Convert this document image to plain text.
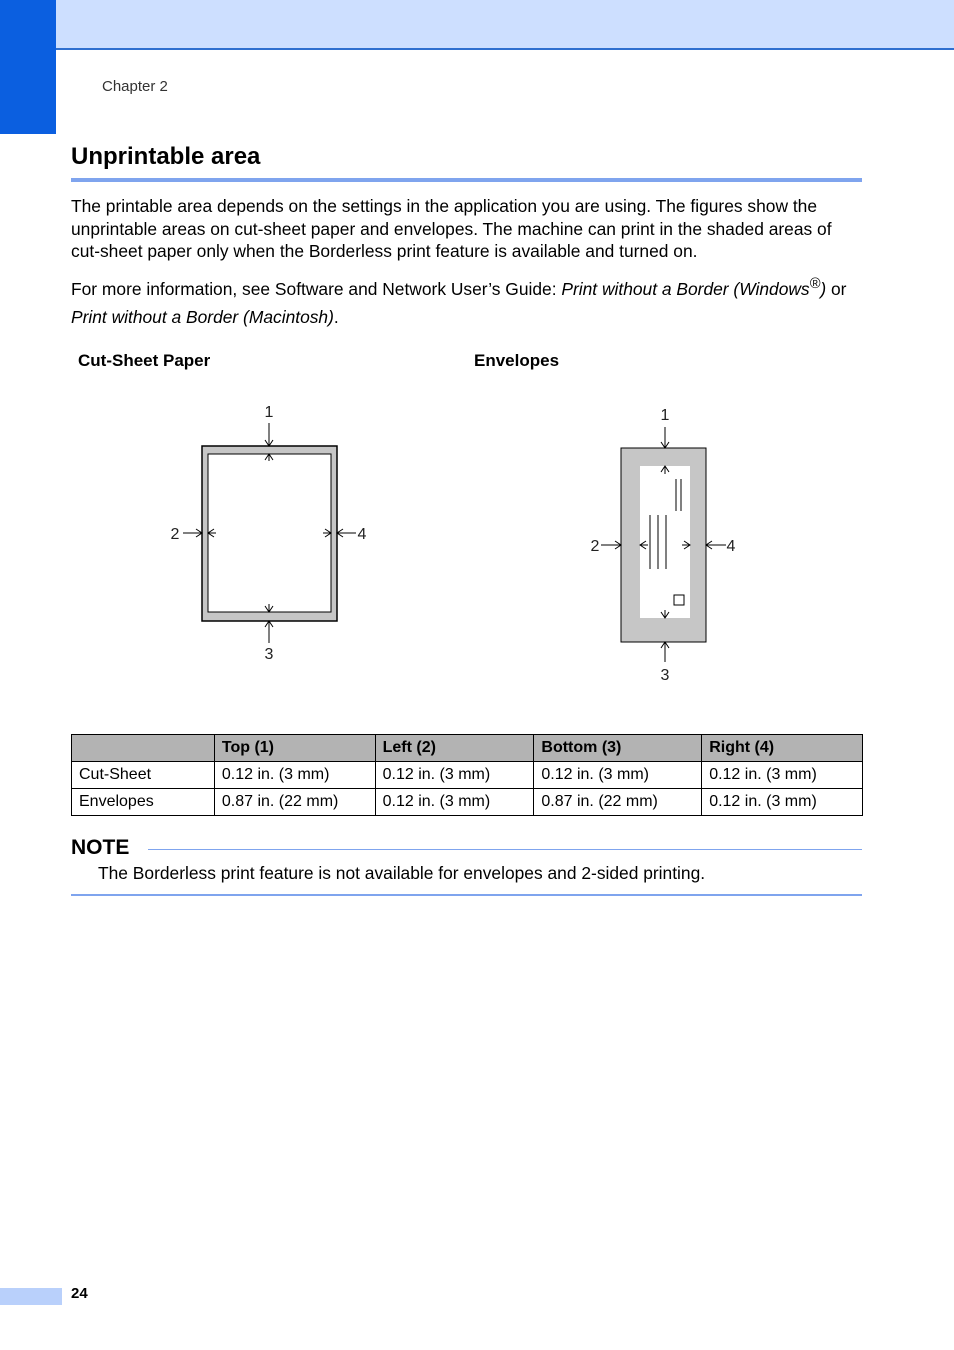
Chapter 2
Unprintable area

The printable area depends on the settings in the application you are using. The figures show the unprintable areas on cut-sheet paper and envelopes. The machine can print in the shaded areas of cut-sheet paper only when the Borderless print feature is available and turned on.

For more information, see Software and Network User’s Guide: Print without a Border (Windows®) or Print without a Border (Macintosh).

Cut-Sheet Paper	Envelopes
1
2
3
4
1
2
3
4
	Top (1)	Left (2)	Bottom (3)	Right (4)
Cut-Sheet	0.12 in. (3 mm)	0.12 in. (3 mm)	0.12 in. (3 mm)	0.12 in. (3 mm)
Envelopes	0.87 in. (22 mm)	0.12 in. (3 mm)	0.87 in. (22 mm)	0.12 in. (3 mm)
NOTE
The Borderless print feature is not available for envelopes and 2-sided printing.
24
